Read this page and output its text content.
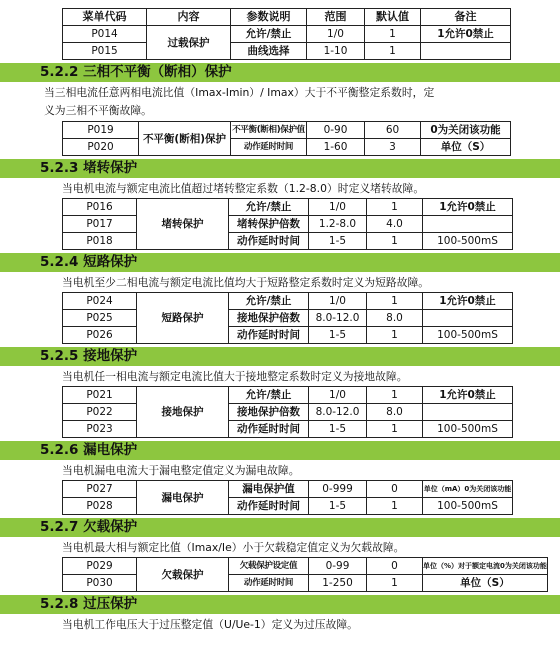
菜单代码	内容	参数说明	范围	默认值	备注
P014	过载保护	允许/禁止	1/0	1	1允许0禁止
P015		曲线选择	1-10	1	
5.2.2 三相不平衡（断相）保护
当三相电流任意两相电流比值（Imax-Imin）/ Imax）大于不平衡整定系数时，定
义为三相不平衡故障。
P019	不平衡(断相)保护	不平衡(断相)保护值	0-90	60	0为关闭该功能
P020		动作延时时间	1-60	3	单位（S）
5.2.3 堵转保护
当电机电流与额定电流比值超过堵转整定系数（1.2-8.0）时定义堵转故障。
P016	堵转保护	允许/禁止	1/0	1	1允许0禁止
P017		堵转保护倍数	1.2-8.0	4.0	
P018		动作延时时间	1-5	1	100-500mS
5.2.4 短路保护
当电机至少二相电流与额定电流比值均大于短路整定系数时定义为短路故障。
P024	短路保护	允许/禁止	1/0	1	1允许0禁止
P025		接地保护倍数	8.0-12.0	8.0	
P026		动作延时时间	1-5	1	100-500mS
5.2.5 接地保护
当电机任一相电流与额定电流比值大于接地整定系数时定义为接地故障。
P021	接地保护	允许/禁止	1/0	1	1允许0禁止
P022		接地保护倍数	8.0-12.0	8.0	
P023		动作延时时间	1-5	1	100-500mS
5.2.6 漏电保护
当电机漏电电流大于漏电整定值定义为漏电故障。
P027	漏电保护	漏电保护值	0-999	0	单位（mA）0为关闭该功能
P028		动作延时时间	1-5	1	100-500mS
5.2.7 欠载保护
当电机最大相与额定比值（Imax/Ie）小于欠载稳定值定义为欠载故障。
P029	欠载保护	欠载保护设定值	0-99	0	单位（%）对于额定电流0为关闭该功能
P030		动作延时时间	1-250	1	单位（S）
5.2.8 过压保护
当电机工作电压大于过压整定值（U/Ue-1）定义为过压故障。
